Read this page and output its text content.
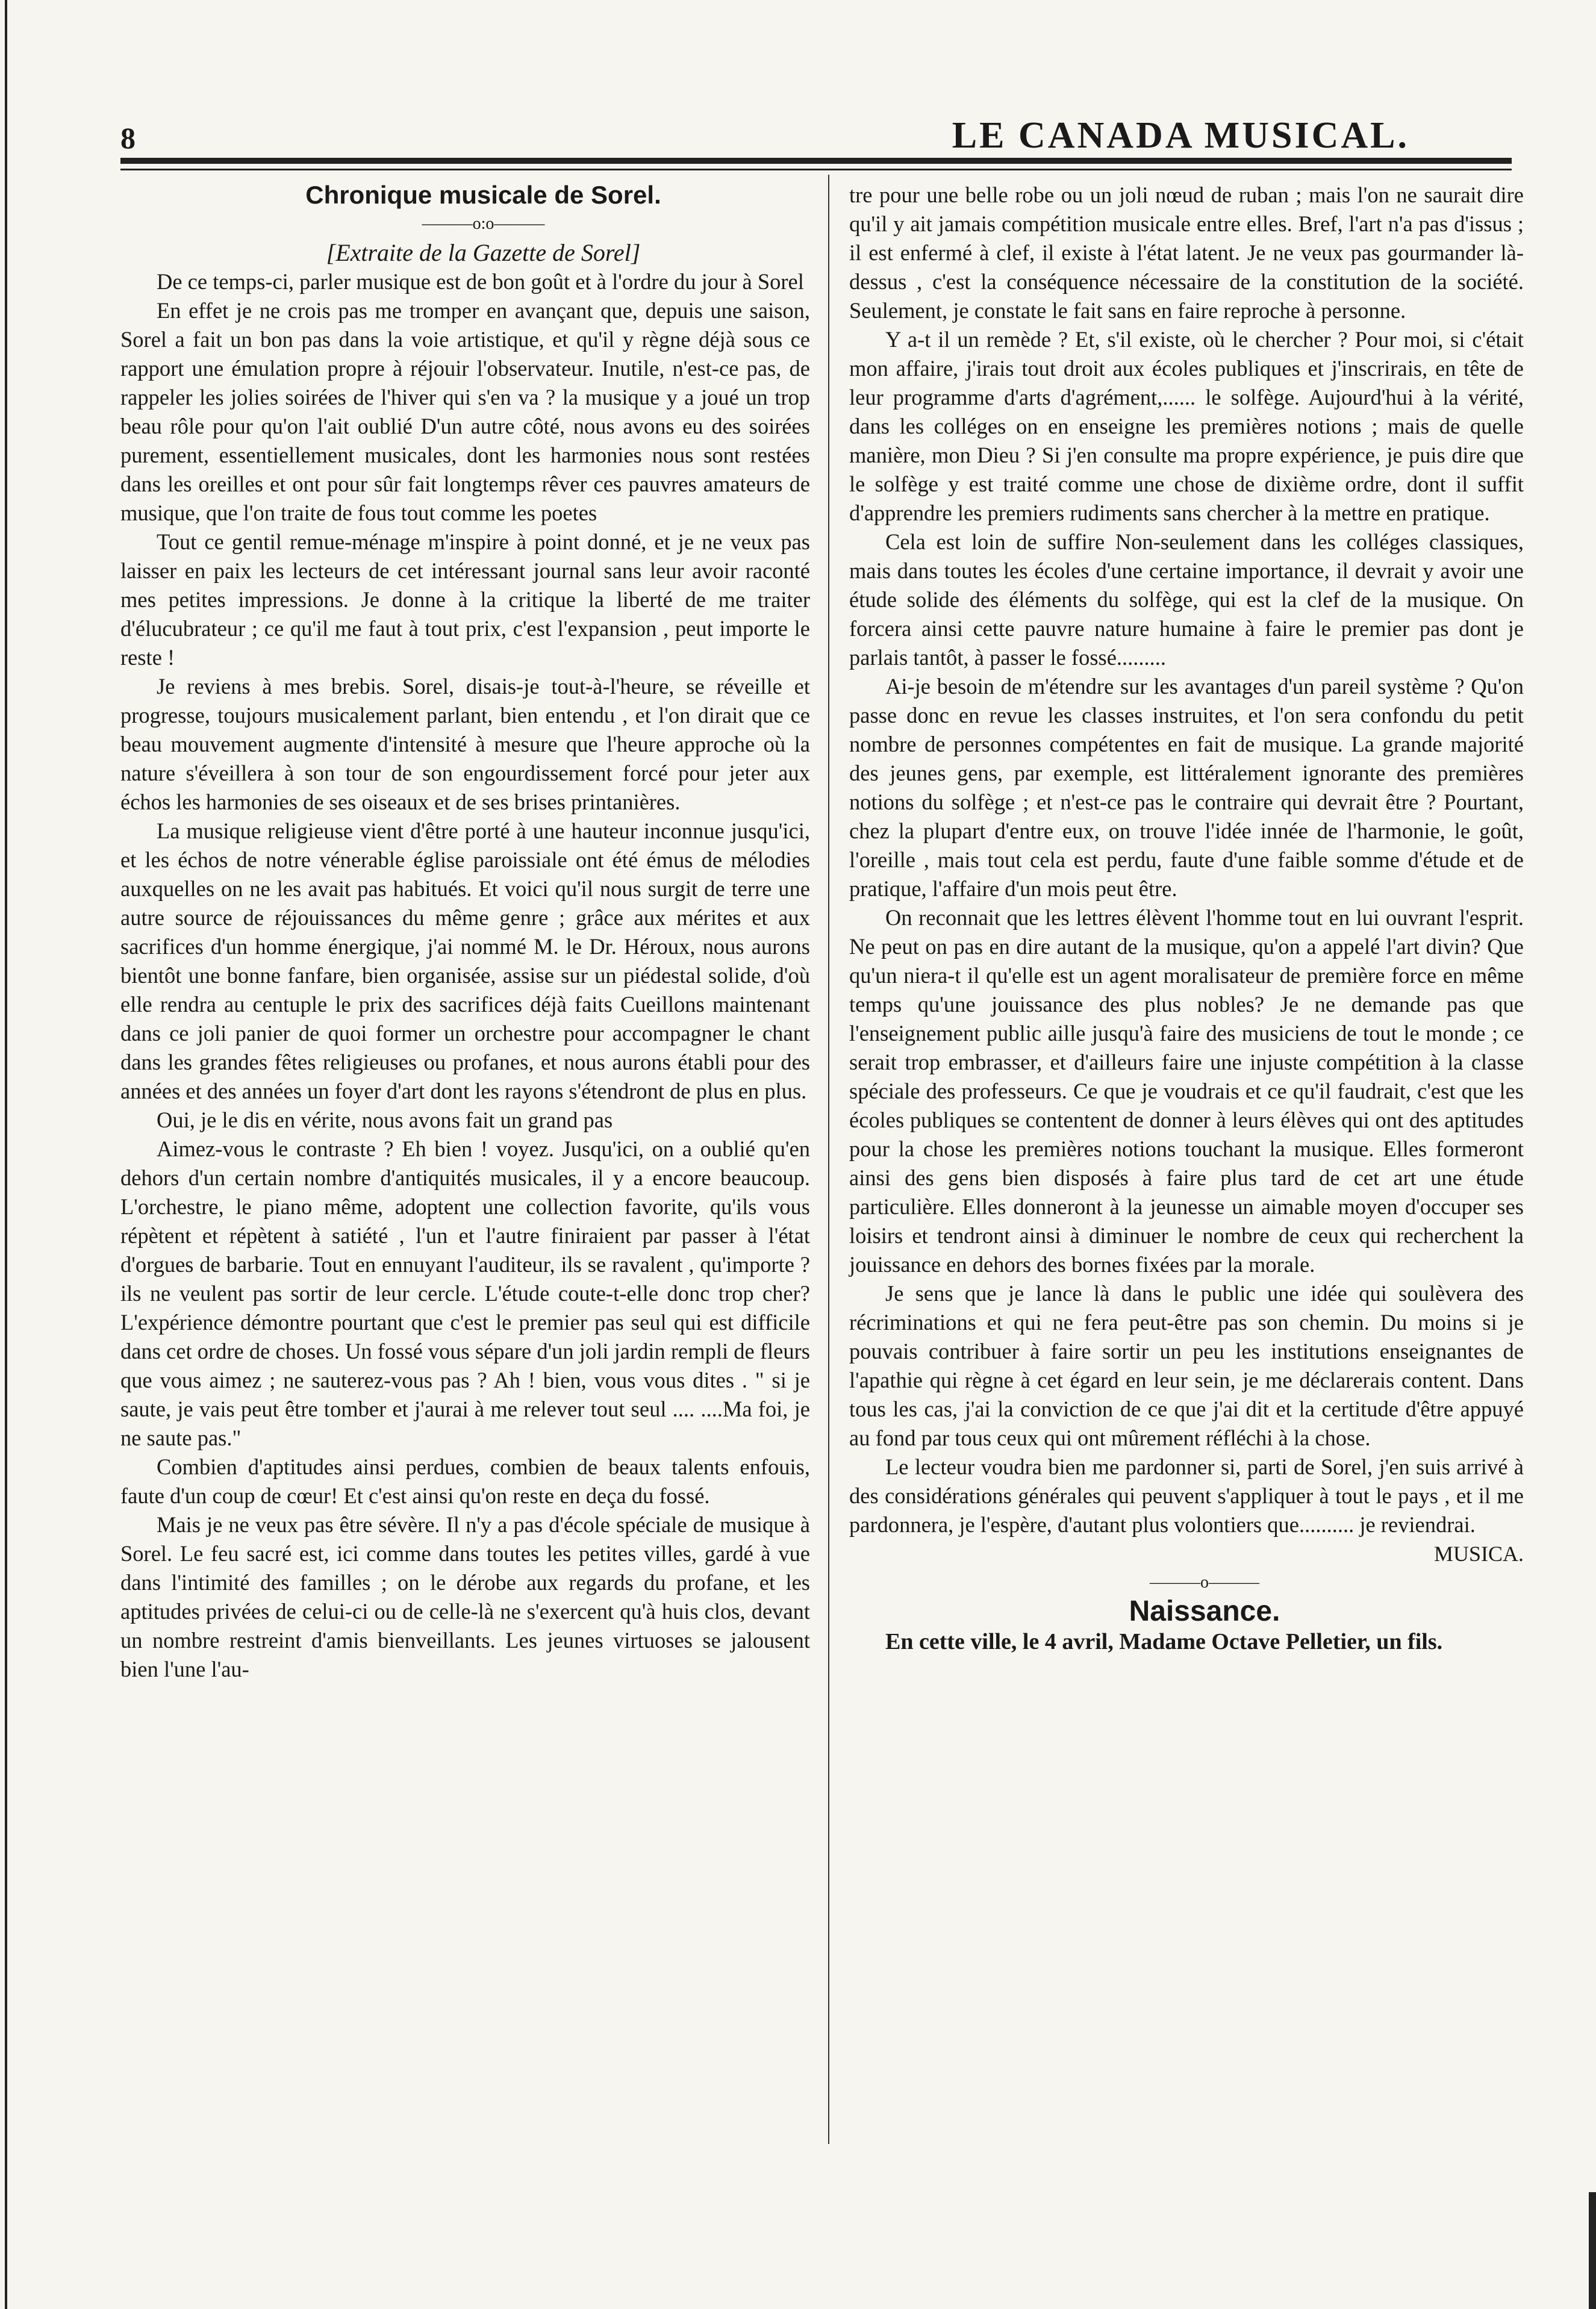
8	LE CANADA MUSICAL.

Chronique musicale de Sorel.

———o:o———

[Extraite de la Gazette de Sorel]

De ce temps-ci, parler musique est de bon goût et à l'ordre du jour à Sorel

En effet je ne crois pas me tromper en avançant que, depuis une saison, Sorel a fait un bon pas dans la voie artistique, et qu'il y règne déjà sous ce rapport une émulation propre à réjouir l'observateur. Inutile, n'est-ce pas, de rappeler les jolies soirées de l'hiver qui s'en va ? la musique y a joué un trop beau rôle pour qu'on l'ait oublié D'un autre côté, nous avons eu des soirées purement, essentiellement musicales, dont les harmonies nous sont restées dans les oreilles et ont pour sûr fait longtemps rêver ces pauvres amateurs de musique, que l'on traite de fous tout comme les poetes

Tout ce gentil remue-ménage m'inspire à point donné, et je ne veux pas laisser en paix les lecteurs de cet intéressant journal sans leur avoir raconté mes petites impressions. Je donne à la critique la liberté de me traiter d'élucubrateur ; ce qu'il me faut à tout prix, c'est l'expansion , peut importe le reste !

Je reviens à mes brebis. Sorel, disais-je tout-à-l'heure, se réveille et progresse, toujours musicalement parlant, bien entendu , et l'on dirait que ce beau mouvement augmente d'intensité à mesure que l'heure approche où la nature s'éveillera à son tour de son engourdissement forcé pour jeter aux échos les harmonies de ses oiseaux et de ses brises printanières.

La musique religieuse vient d'être porté à une hauteur inconnue jusqu'ici, et les échos de notre vénerable église paroissiale ont été émus de mélodies auxquelles on ne les avait pas habitués. Et voici qu'il nous surgit de terre une autre source de réjouissances du même genre ; grâce aux mérites et aux sacrifices d'un homme énergique, j'ai nommé M. le Dr. Héroux, nous aurons bientôt une bonne fanfare, bien organisée, assise sur un piédestal solide, d'où elle rendra au centuple le prix des sacrifices déjà faits Cueillons maintenant dans ce joli panier de quoi former un orchestre pour accompagner le chant dans les grandes fêtes religieuses ou profanes, et nous aurons établi pour des années et des années un foyer d'art dont les rayons s'étendront de plus en plus.

Oui, je le dis en vérite, nous avons fait un grand pas

Aimez-vous le contraste ? Eh bien ! voyez. Jusqu'ici, on a oublié qu'en dehors d'un certain nombre d'antiquités musicales, il y a encore beaucoup. L'orchestre, le piano même, adoptent une collection favorite, qu'ils vous répètent et répètent à satiété , l'un et l'autre finiraient par passer à l'état d'orgues de barbarie. Tout en ennuyant l'auditeur, ils se ravalent , qu'importe ? ils ne veulent pas sortir de leur cercle. L'étude coute-t-elle donc trop cher? L'expérience démontre pourtant que c'est le premier pas seul qui est difficile dans cet ordre de choses. Un fossé vous sépare d'un joli jardin rempli de fleurs que vous aimez ; ne sauterez-vous pas ? Ah ! bien, vous vous dites . " si je saute, je vais peut être tomber et j'aurai à me relever tout seul .... ....Ma foi, je ne saute pas."

Combien d'aptitudes ainsi perdues, combien de beaux talents enfouis, faute d'un coup de cœur! Et c'est ainsi qu'on reste en deça du fossé.

Mais je ne veux pas être sévère. Il n'y a pas d'école spéciale de musique à Sorel. Le feu sacré est, ici comme dans toutes les petites villes, gardé à vue dans l'intimité des familles ; on le dérobe aux regards du profane, et les aptitudes privées de celui-ci ou de celle-là ne s'exercent qu'à huis clos, devant un nombre restreint d'amis bienveillants. Les jeunes virtuoses se jalousent bien l'une l'au-

tre pour une belle robe ou un joli nœud de ruban ; mais l'on ne saurait dire qu'il y ait jamais compétition musicale entre elles. Bref, l'art n'a pas d'issus ; il est enfermé à clef, il existe à l'état latent. Je ne veux pas gourmander là-dessus , c'est la conséquence nécessaire de la constitution de la société. Seulement, je constate le fait sans en faire reproche à personne.

Y a-t il un remède ? Et, s'il existe, où le chercher ? Pour moi, si c'était mon affaire, j'irais tout droit aux écoles publiques et j'inscrirais, en tête de leur programme d'arts d'agrément,...... le solfège. Aujourd'hui à la vérité, dans les colléges on en enseigne les premières notions ; mais de quelle manière, mon Dieu ? Si j'en consulte ma propre expérience, je puis dire que le solfège y est traité comme une chose de dixième ordre, dont il suffit d'apprendre les premiers rudiments sans chercher à la mettre en pratique.

Cela est loin de suffire Non-seulement dans les colléges classiques, mais dans toutes les écoles d'une certaine importance, il devrait y avoir une étude solide des éléments du solfège, qui est la clef de la musique. On forcera ainsi cette pauvre nature humaine à faire le premier pas dont je parlais tantôt, à passer le fossé.........

Ai-je besoin de m'étendre sur les avantages d'un pareil système ? Qu'on passe donc en revue les classes instruites, et l'on sera confondu du petit nombre de personnes compétentes en fait de musique. La grande majorité des jeunes gens, par exemple, est littéralement ignorante des premières notions du solfège ; et n'est-ce pas le contraire qui devrait être ? Pourtant, chez la plupart d'entre eux, on trouve l'idée innée de l'harmonie, le goût, l'oreille , mais tout cela est perdu, faute d'une faible somme d'étude et de pratique, l'affaire d'un mois peut être.

On reconnait que les lettres élèvent l'homme tout en lui ouvrant l'esprit. Ne peut on pas en dire autant de la musique, qu'on a appelé l'art divin? Que qu'un niera-t il qu'elle est un agent moralisateur de première force en même temps qu'une jouissance des plus nobles? Je ne demande pas que l'enseignement public aille jusqu'à faire des musiciens de tout le monde ; ce serait trop embrasser, et d'ailleurs faire une injuste compétition à la classe spéciale des professeurs. Ce que je voudrais et ce qu'il faudrait, c'est que les écoles publiques se contentent de donner à leurs élèves qui ont des aptitudes pour la chose les premières notions touchant la musique. Elles formeront ainsi des gens bien disposés à faire plus tard de cet art une étude particulière. Elles donneront à la jeunesse un aimable moyen d'occuper ses loisirs et tendront ainsi à diminuer le nombre de ceux qui recherchent la jouissance en dehors des bornes fixées par la morale.

Je sens que je lance là dans le public une idée qui soulèvera des récriminations et qui ne fera peut-être pas son chemin. Du moins si je pouvais contribuer à faire sortir un peu les institutions enseignantes de l'apathie qui règne à cet égard en leur sein, je me déclarerais content. Dans tous les cas, j'ai la conviction de ce que j'ai dit et la certitude d'être appuyé au fond par tous ceux qui ont mûrement réfléchi à la chose.

Le lecteur voudra bien me pardonner si, parti de Sorel, j'en suis arrivé à des considérations générales qui peuvent s'appliquer à tout le pays , et il me pardonnera, je l'espère, d'autant plus volontiers que.......... je reviendrai.

MUSICA.

———o———

Naissance.

En cette ville, le 4 avril, Madame Octave Pelletier, un fils.
